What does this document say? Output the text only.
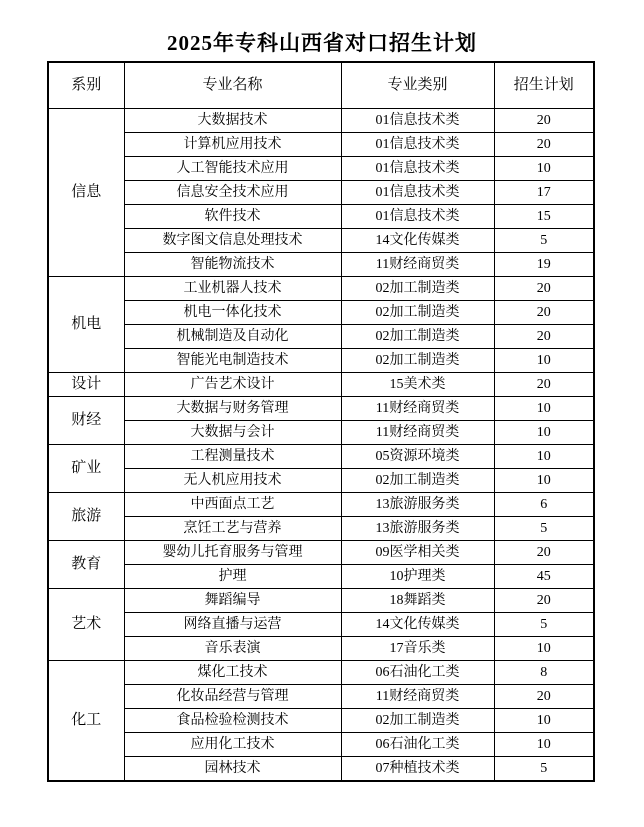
2025年专科山西省对口招生计划
系别	专业名称	专业类别	招生计划
信息	大数据技术	01信息技术类	20
	计算机应用技术	01信息技术类	20
	人工智能技术应用	01信息技术类	10
	信息安全技术应用	01信息技术类	17
	软件技术	01信息技术类	15
	数字图文信息处理技术	14文化传媒类	5
	智能物流技术	11财经商贸类	19
机电	工业机器人技术	02加工制造类	20
	机电一体化技术	02加工制造类	20
	机械制造及自动化	02加工制造类	20
	智能光电制造技术	02加工制造类	10
设计	广告艺术设计	15美术类	20
财经	大数据与财务管理	11财经商贸类	10
	大数据与会计	11财经商贸类	10
矿业	工程测量技术	05资源环境类	10
	无人机应用技术	02加工制造类	10
旅游	中西面点工艺	13旅游服务类	6
	烹饪工艺与营养	13旅游服务类	5
教育	婴幼儿托育服务与管理	09医学相关类	20
	护理	10护理类	45
艺术	舞蹈编导	18舞蹈类	20
	网络直播与运营	14文化传媒类	5
	音乐表演	17音乐类	10
化工	煤化工技术	06石油化工类	8
	化妆品经营与管理	11财经商贸类	20
	食品检验检测技术	02加工制造类	10
	应用化工技术	06石油化工类	10
	园林技术	07种植技术类	5
